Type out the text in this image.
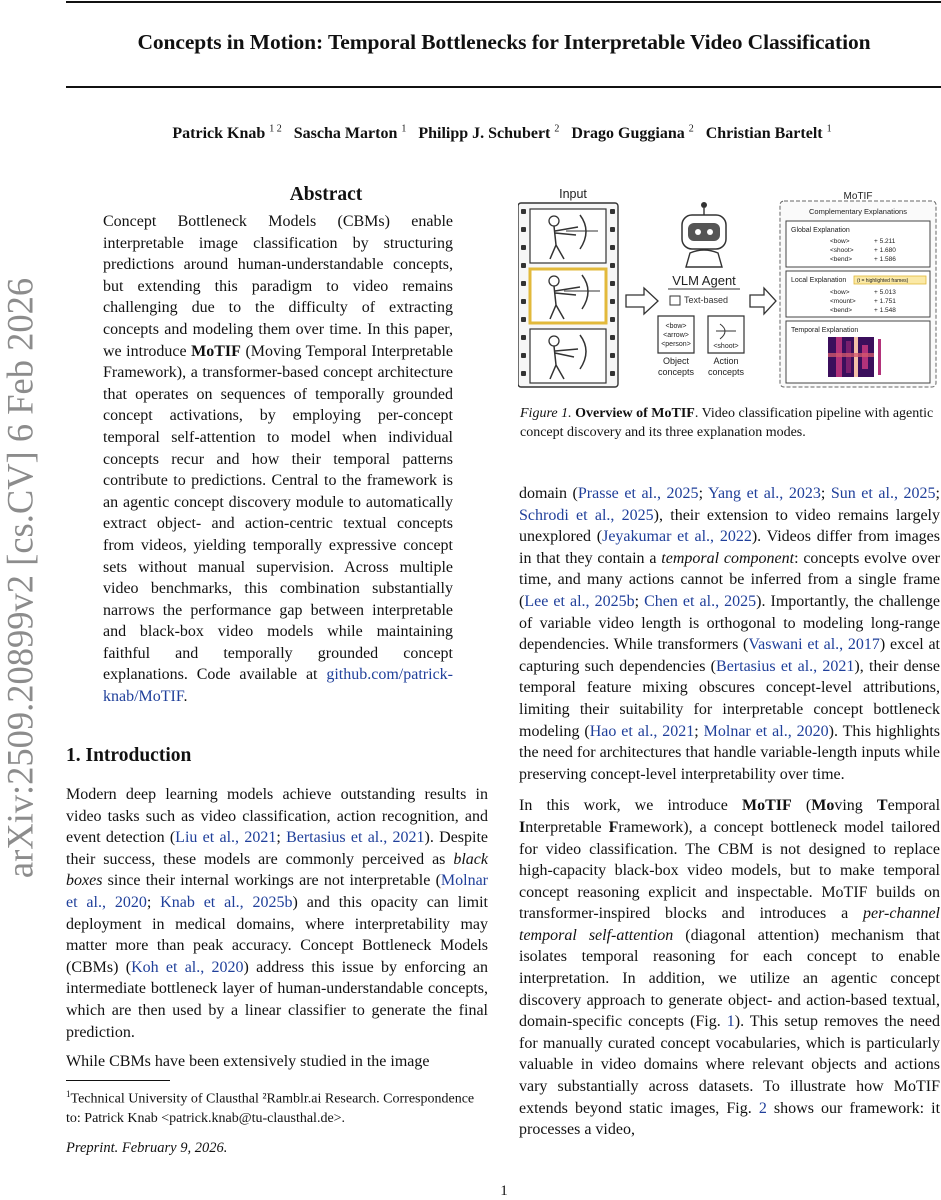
arXiv:2509.20899v2 [cs.CV] 6 Feb 2026
Concepts in Motion: Temporal Bottlenecks for Interpretable Video Classification
Patrick Knab $^{1 2}$ Sascha Marton $^1$ Philipp J. Schubert $^2$ Drago Guggiana $^2$ Christian Bartelt $^1$
Abstract

Concept Bottleneck Models (CBMs) enable interpretable image classification by structuring predictions around human-understandable concepts, but extending this paradigm to video remains challenging due to the difficulty of extracting concepts and modeling them over time. In this paper, we introduce MoTIF (Moving Temporal Interpretable Framework), a transformer-based concept architecture that operates on sequences of temporally grounded concept activations, by employing per-concept temporal self-attention to model when individual concepts recur and how their temporal patterns contribute to predictions. Central to the framework is an agentic concept discovery module to automatically extract object- and action-centric textual concepts from videos, yielding temporally expressive concept sets without manual supervision. Across multiple video benchmarks, this combination substantially narrows the performance gap between interpretable and black-box video models while maintaining faithful and temporally grounded concept explanations. Code available at github.com/patrick-knab/MoTIF.

1. Introduction

Modern deep learning models achieve outstanding results in video tasks such as video classification, action recognition, and event detection (Liu et al., 2021; Bertasius et al., 2021). Despite their success, these models are commonly perceived as black boxes since their internal workings are not interpretable (Molnar et al., 2020; Knab et al., 2025b) and this opacity can limit deployment in medical domains, where interpretability may matter more than peak accuracy. Concept Bottleneck Models (CBMs) (Koh et al., 2020) address this issue by enforcing an intermediate bottleneck layer of human-understandable concepts, which are then used by a linear classifier to generate the final prediction.

While CBMs have been extensively studied in the image

$^1$Technical University of Clausthal ²Ramblr.ai Research. Correspondence to: Patrick Knab <patrick.knab@tu-clausthal.de>.
Preprint. February 9, 2026.
1
Input
VLM Agent
Text-based
<bow>
<arrow>
<person>	<shoot>
Object concepts
Action concepts
MoTIF
Complementary Explanations
Global Explanation
<bow>	+ 5.211
<shoot>	+ 1.680
<bend>	+ 1.586
Local Explanation (t = highlighted frames)
<bow>	+ 5.013
<mount>	+ 1.751
<bend>	+ 1.548
Temporal Explanation
Figure 1. Overview of MoTIF. Video classification pipeline with agentic concept discovery and its three explanation modes.

domain (Prasse et al., 2025; Yang et al., 2023; Sun et al., 2025; Schrodi et al., 2025), their extension to video remains largely unexplored (Jeyakumar et al., 2022). Videos differ from images in that they contain a temporal component: concepts evolve over time, and many actions cannot be inferred from a single frame (Lee et al., 2025b; Chen et al., 2025). Importantly, the challenge of variable video length is orthogonal to modeling long-range dependencies. While transformers (Vaswani et al., 2017) excel at capturing such dependencies (Bertasius et al., 2021), their dense temporal feature mixing obscures concept-level attributions, limiting their suitability for interpretable concept bottleneck modeling (Hao et al., 2021; Molnar et al., 2020). This highlights the need for architectures that handle variable-length inputs while preserving concept-level interpretability over time.

In this work, we introduce MoTIF (Moving Temporal Interpretable Framework), a concept bottleneck model tailored for video classification. The CBM is not designed to replace high-capacity black-box video models, but to make temporal concept reasoning explicit and inspectable. MoTIF builds on transformer-inspired blocks and introduces a per-channel temporal self-attention (diagonal attention) mechanism that isolates temporal reasoning for each concept to enable interpretation. In addition, we utilize an agentic concept discovery approach to generate object- and action-based textual, domain-specific concepts (Fig. 1). This setup removes the need for manually curated concept vocabularies, which is particularly valuable in video domains where relevant objects and actions vary substantially across datasets. To illustrate how MoTIF extends beyond static images, Fig. 2 shows our framework: it processes a video,
